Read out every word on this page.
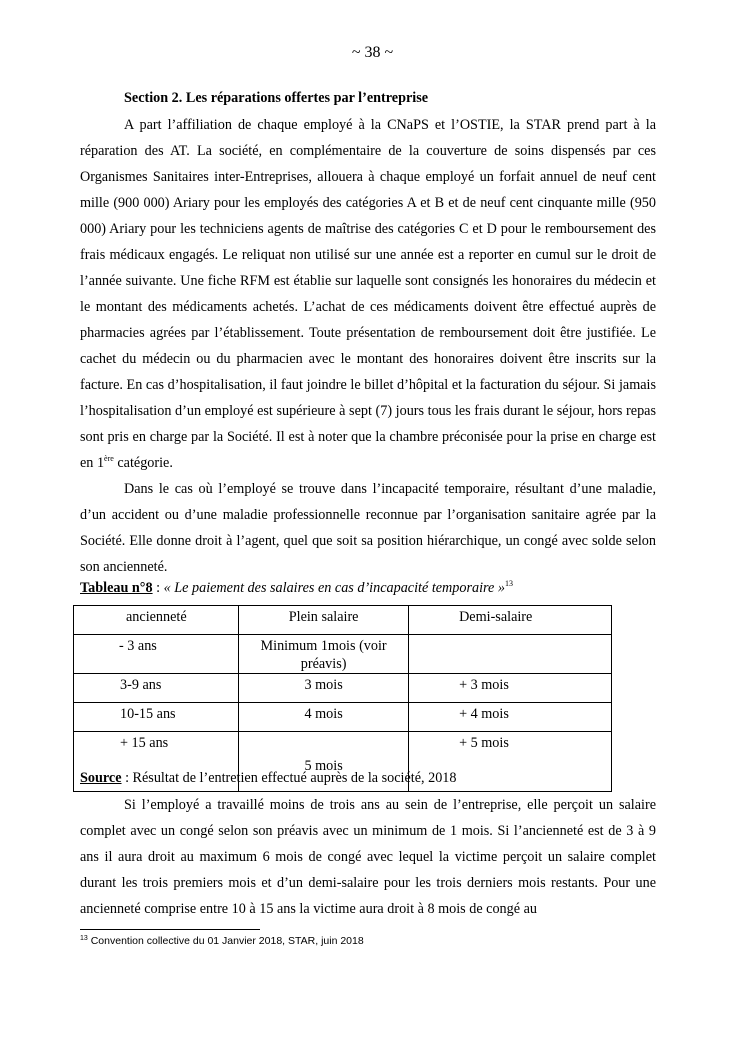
~ 38 ~
Section 2. Les réparations offertes par l’entreprise

A part l’affiliation de chaque employé à la CNaPS et l’OSTIE, la STAR prend part à la réparation des AT. La société, en complémentaire de la couverture de soins dispensés par ces Organismes Sanitaires inter-Entreprises, allouera à chaque employé un forfait annuel de neuf cent mille (900 000) Ariary pour les employés des catégories A et B et de neuf cent cinquante mille (950 000) Ariary pour les techniciens agents de maîtrise des catégories C et D pour le remboursement des frais médicaux engagés. Le reliquat non utilisé sur une année est a reporter en cumul sur le droit de l’année suivante. Une fiche RFM est établie sur laquelle sont consignés les honoraires du médecin et le montant des médicaments achetés. L’achat de ces médicaments doivent être effectué auprès de pharmacies agrées par l’établissement. Toute présentation de remboursement doit être justifiée. Le cachet du médecin ou du pharmacien avec le montant des honoraires doivent être inscrits sur la facture. En cas d’hospitalisation, il faut joindre le billet d’hôpital et la facturation du séjour. Si jamais l’hospitalisation d’un employé est supérieure à sept (7) jours tous les frais durant le séjour, hors repas sont pris en charge par la Société. Il est à noter que la chambre préconisée pour la prise en charge est en 1ère catégorie.

Dans le cas où l’employé se trouve dans l’incapacité temporaire, résultant d’une maladie, d’un accident ou d’une maladie professionnelle reconnue par l’organisation sanitaire agrée par la Société. Elle donne droit à l’agent, quel que soit sa position hiérarchique, un congé avec solde selon son ancienneté.

Tableau n°8 : « Le paiement des salaires en cas d’incapacité temporaire »$^{13}$
ancienneté	Plein salaire	Demi-salaire
- 3 ans	Minimum 1mois (voir préavis)	
3-9 ans	3 mois	+ 3 mois
10-15 ans	4 mois	+ 4 mois
+ 15 ans	5 mois	+ 5 mois
Source : Résultat de l’entretien effectué auprès de la société, 2018

Si l’employé a travaillé moins de trois ans au sein de l’entreprise, elle perçoit un salaire complet avec un congé selon son préavis avec un minimum de 1 mois. Si l’ancienneté est de 3 à 9 ans il aura droit au maximum 6 mois de congé avec lequel la victime perçoit un salaire complet durant les trois premiers mois et d’un demi-salaire pour les trois derniers mois restants. Pour une ancienneté comprise entre 10 à 15 ans la victime aura droit à 8 mois de congé au

$^{13}$ Convention collective du 01 Janvier 2018, STAR, juin 2018
